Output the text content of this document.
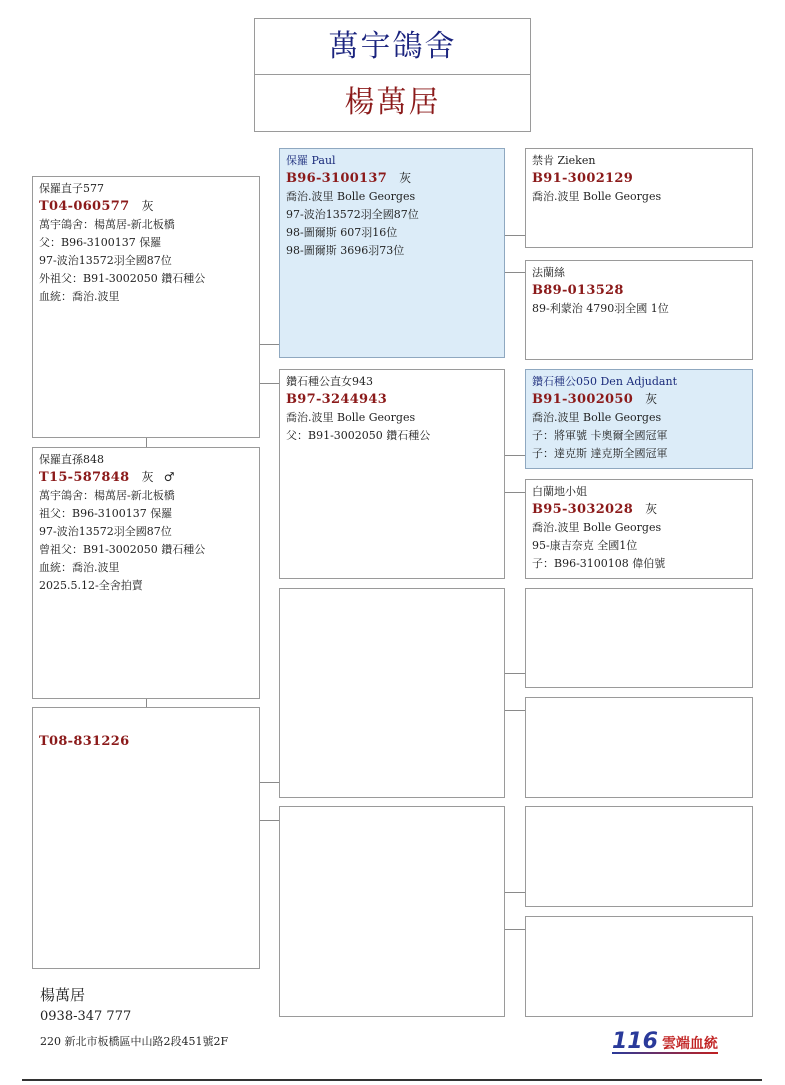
萬宇鴿舍
楊萬居
保羅直子577
T04-060577 灰
萬宇鴿舍：楊萬居-新北板橋
父：B96-3100137 保羅
97-波治13572羽全國87位
外祖父：B91-3002050 鑽石種公
血統：喬治.波里
保羅直孫848
T15-587848 灰 ♂
萬宇鴿舍：楊萬居-新北板橋
祖父：B96-3100137 保羅
97-波治13572羽全國87位
曾祖父：B91-3002050 鑽石種公
血統：喬治.波里
2025.5.12-全舍拍賣
T08-831226
保羅 Paul
B96-3100137 灰
喬治.波里 Bolle Georges
97-波治13572羽全國87位
98-圖爾斯 607羽16位
98-圖爾斯 3696羽73位
鑽石種公直女943
B97-3244943
喬治.波里 Bolle Georges
父：B91-3002050 鑽石種公
禁肯 Zieken
B91-3002129
喬治.波里 Bolle Georges
法蘭絲
B89-013528
89-利蒙治 4790羽全國 1位
鑽石種公050 Den Adjudant
B91-3002050 灰
喬治.波里 Bolle Georges
子：將軍號 卡奧爾全國冠軍
子：達克斯 達克斯全國冠軍
白蘭地小姐
B95-3032028 灰
喬治.波里 Bolle Georges
95-康吉奈克 全國1位
子：B96-3100108 偉伯號
楊萬居
0938-347 777
220 新北市板橋區中山路2段451號2F	116 雲端血統
